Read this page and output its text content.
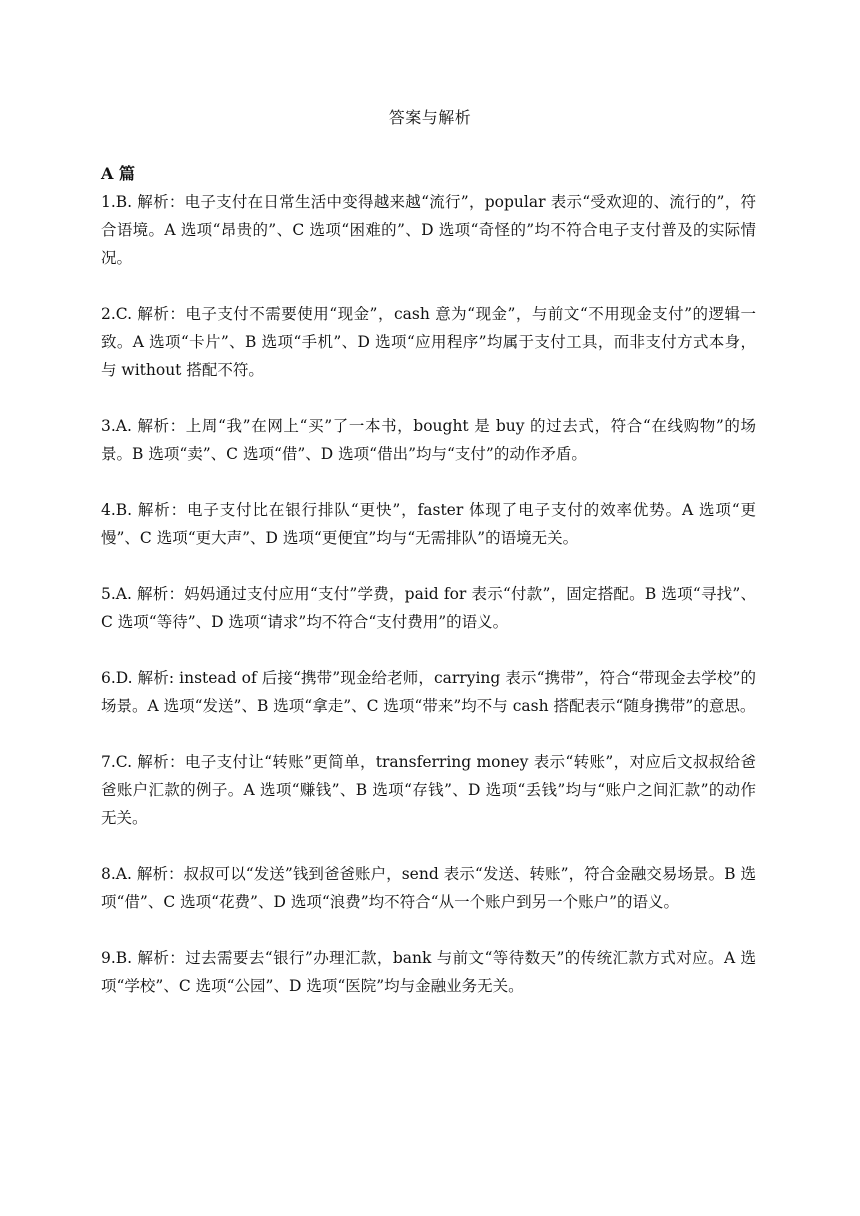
答案与解析
A 篇

1.B. 解析：电子支付在日常生活中变得越来越“流行”，popular 表示“受欢迎的、流行的”，符合语境。A 选项“昂贵的”、C 选项“困难的”、D 选项“奇怪的”均不符合电子支付普及的实际情况。

2.C. 解析：电子支付不需要使用“现金”，cash 意为“现金”，与前文“不用现金支付”的逻辑一致。A 选项“卡片”、B 选项“手机”、D 选项“应用程序”均属于支付工具，而非支付方式本身，与 without 搭配不符。

3.A. 解析：上周“我”在网上“买”了一本书，bought 是 buy 的过去式，符合“在线购物”的场景。B 选项“卖”、C 选项“借”、D 选项“借出”均与“支付”的动作矛盾。

4.B. 解析：电子支付比在银行排队“更快”，faster 体现了电子支付的效率优势。A 选项“更慢”、C 选项“更大声”、D 选项“更便宜”均与“无需排队”的语境无关。

5.A. 解析：妈妈通过支付应用“支付”学费，paid for 表示“付款”，固定搭配。B 选项“寻找”、C 选项“等待”、D 选项“请求”均不符合“支付费用”的语义。

6.D. 解析: instead of 后接“携带”现金给老师，carrying 表示“携带”，符合“带现金去学校”的场景。A 选项“发送”、B 选项“拿走”、C 选项“带来”均不与 cash 搭配表示“随身携带”的意思。

7.C. 解析：电子支付让“转账”更简单，transferring money 表示“转账”，对应后文叔叔给爸爸账户汇款的例子。A 选项“赚钱”、B 选项“存钱”、D 选项“丢钱”均与“账户之间汇款”的动作无关。

8.A. 解析：叔叔可以“发送”钱到爸爸账户，send 表示“发送、转账”，符合金融交易场景。B 选项“借”、C 选项“花费”、D 选项“浪费”均不符合“从一个账户到另一个账户”的语义。

9.B. 解析：过去需要去“银行”办理汇款，bank 与前文“等待数天”的传统汇款方式对应。A 选项“学校”、C 选项“公园”、D 选项“医院”均与金融业务无关。
